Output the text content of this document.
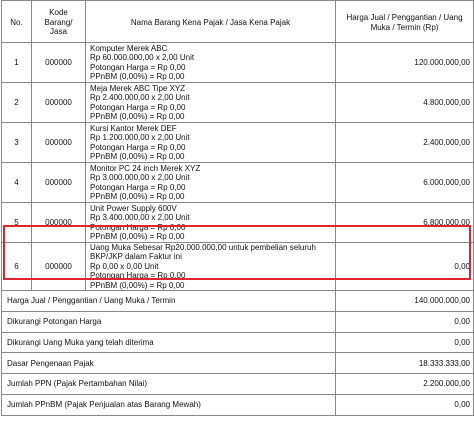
No.	Kode Barang/ Jasa	Nama Barang Kena Pajak / Jasa Kena Pajak	Harga Jual / Penggantian / Uang Muka / Termin (Rp)
1	000000	Komputer Merek ABC
Rp 60.000.000,00 x 2,00 Unit
Potongan Harga = Rp 0,00
PPnBM (0,00%) = Rp 0,00	120.000.000,00
2	000000	Meja Merek ABC Tipe XYZ
Rp 2.400.000,00 x 2,00 Unit
Potongan Harga = Rp 0,00
PPnBM (0,00%) = Rp 0,00	4.800.000,00
3	000000	Kursi Kantor Merek DEF
Rp 1.200.000,00 x 2,00 Unit
Potongan Harga = Rp 0,00
PPnBM (0,00%) = Rp 0,00	2.400.000,00
4	000000	Monitor PC 24 inch Merek XYZ
Rp 3.000.000,00 x 2,00 Unit
Potongan Harga = Rp 0,00
PPnBM (0,00%) = Rp 0,00	6.000.000,00
5	000000	Unit Power Supply 600V
Rp 3.400.000,00 x 2,00 Unit
Potongan Harga = Rp 0,00
PPnBM (0,00%) = Rp 0,00	6.800.000,00
6	000000	Uang Muka Sebesar Rp20.000.000,00 untuk pembelian seluruh
BKP/JKP dalam Faktur ini
Rp 0,00 x 0,00 Unit
Potongan Harga = Rp 0,00
PPnBM (0,00%) = Rp 0,00	0,00
Harga Jual / Penggantian / Uang Muka / Termin			140.000.000,00
Dikurangi Potongan Harga			0,00
Dikurangi Uang Muka yang telah diterima			0,00
Dasar Pengenaan Pajak			18.333.333,00
Jumlah PPN (Pajak Pertambahan Nilai)			2.200.000,00
Jumlah PPnBM (Pajak Penjualan atas Barang Mewah)			0,00
